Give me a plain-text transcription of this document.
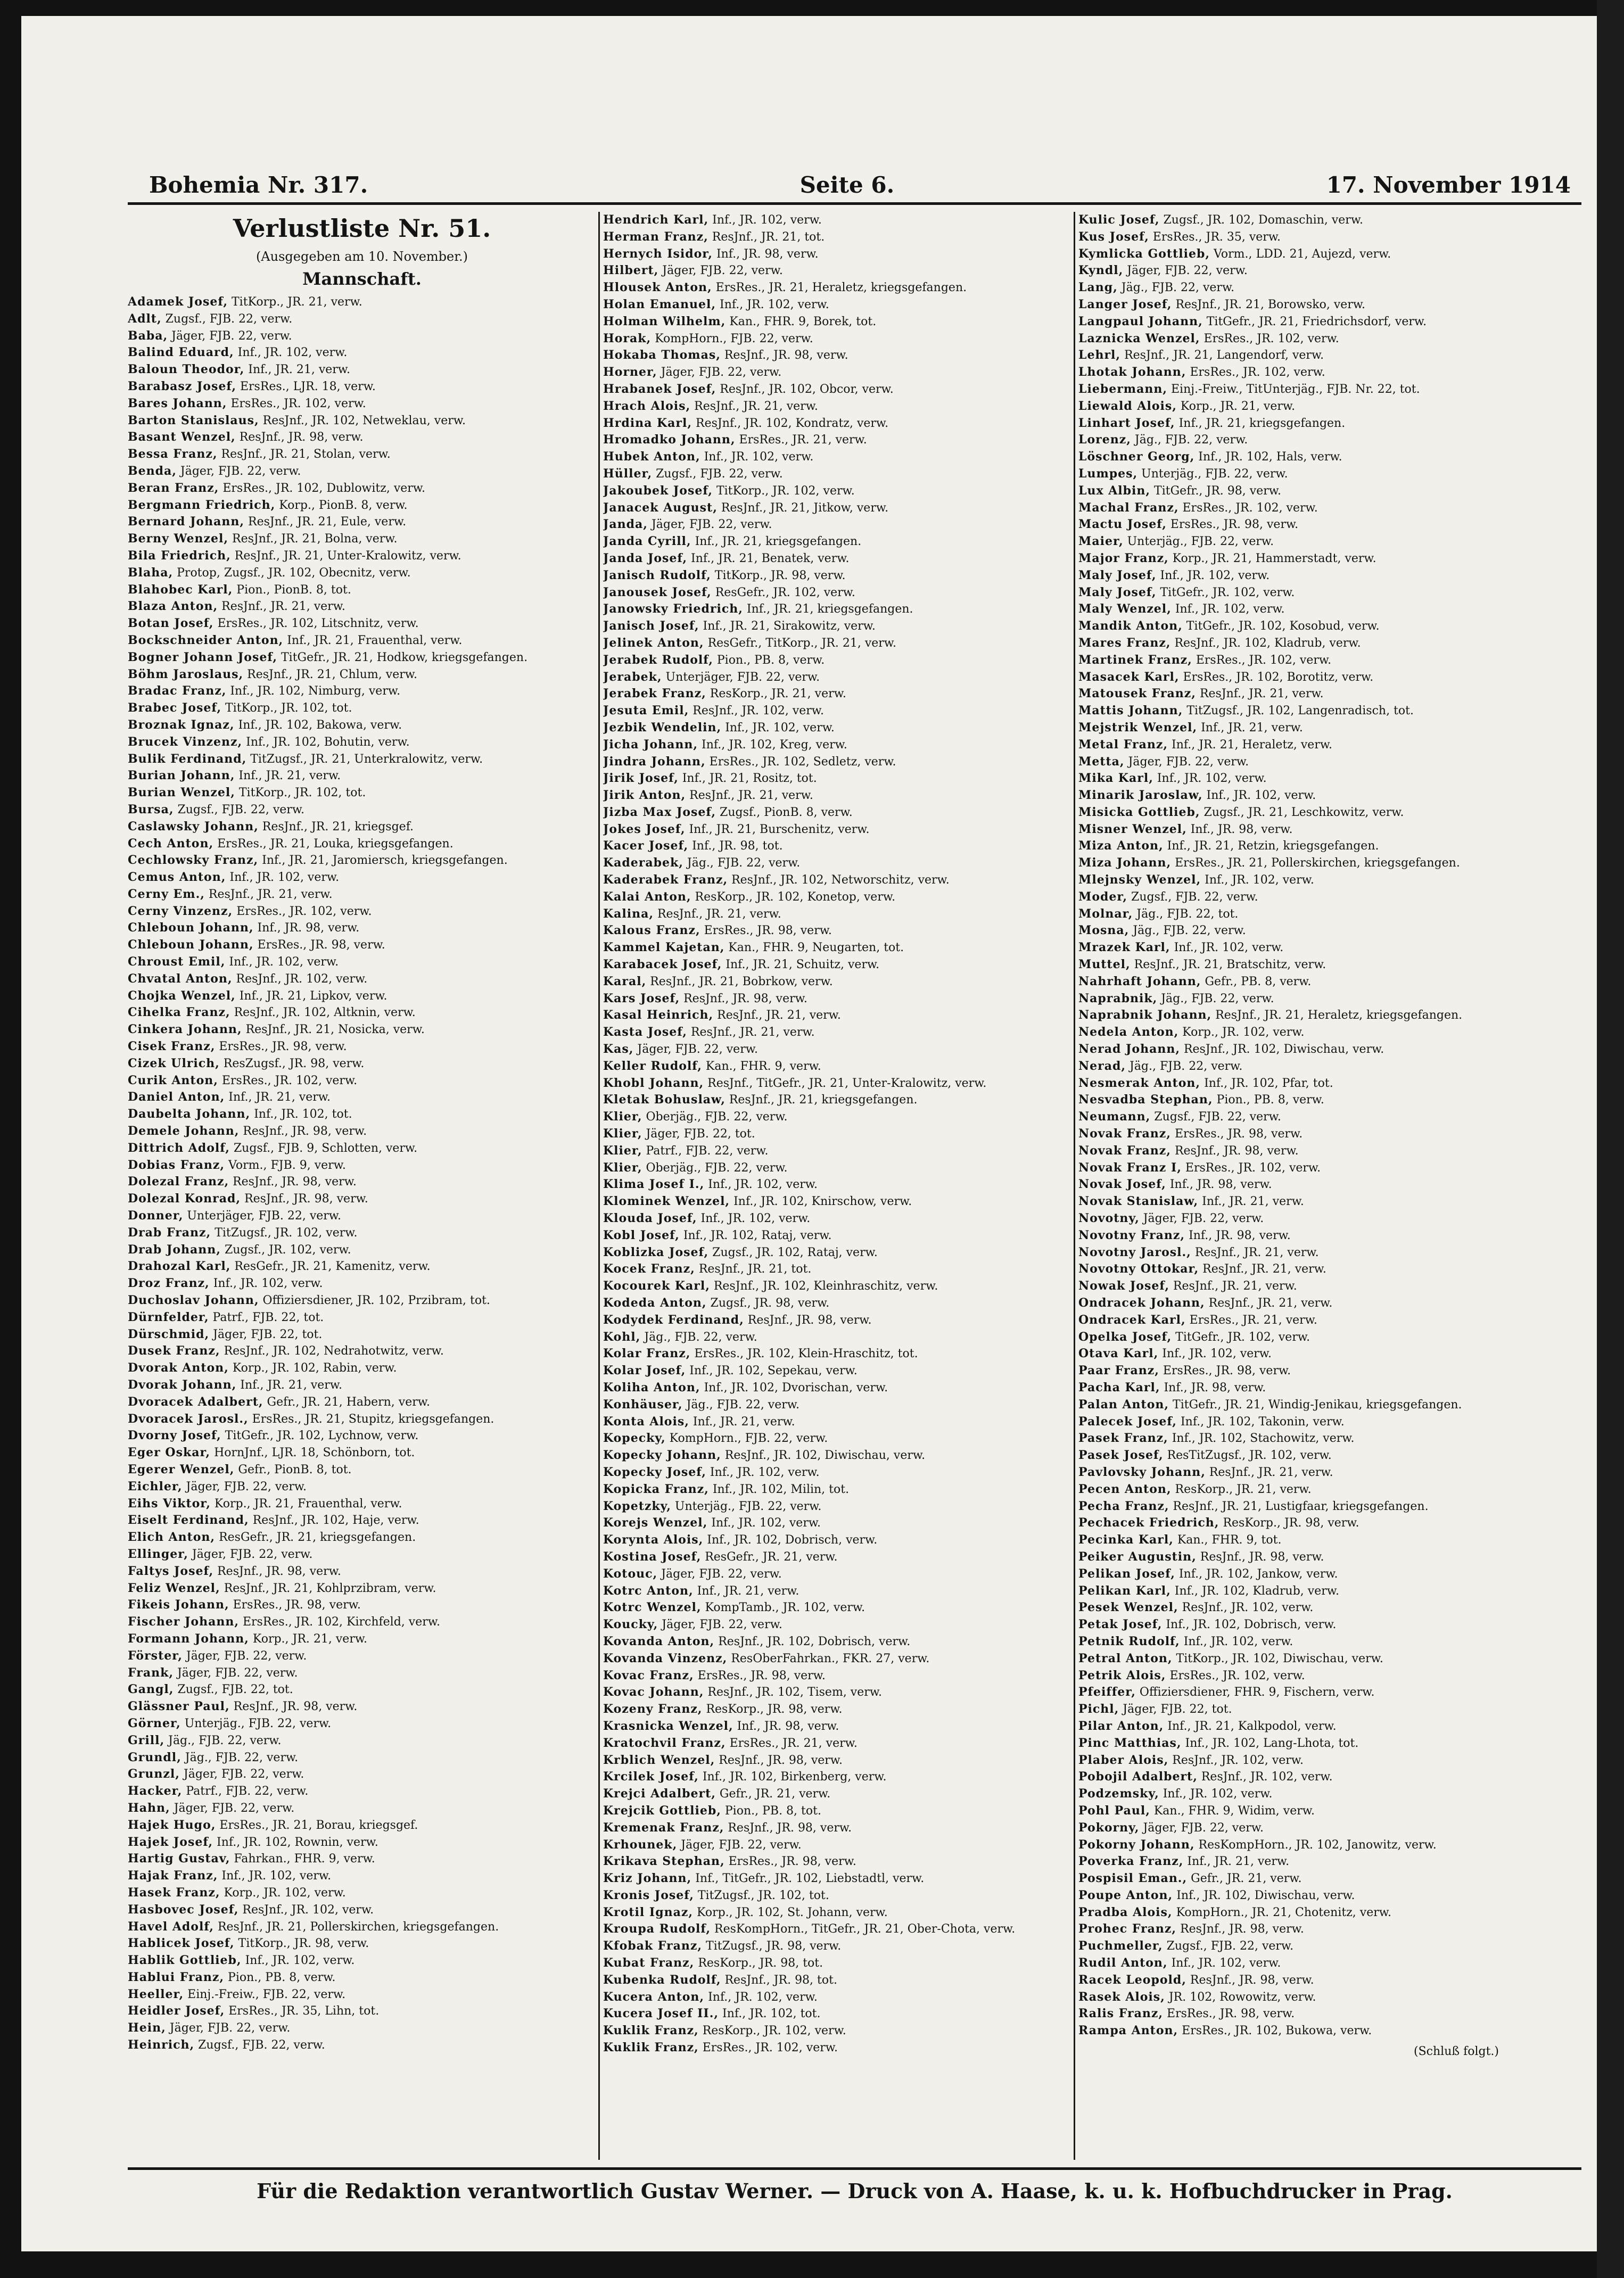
Bohemia Nr. 317.	Seite 6.	17. November 1914
Verlustliste Nr. 51.
(Ausgegeben am 10. November.)
Mannschaft.
Adamek Josef, TitKorp., JR. 21, verw.
Adlt, Zugsf., FJB. 22, verw.
Baba, Jäger, FJB. 22, verw.
Balind Eduard, Inf., JR. 102, verw.
Baloun Theodor, Inf., JR. 21, verw.
Barabasz Josef, ErsRes., LJR. 18, verw.
Bares Johann, ErsRes., JR. 102, verw.
Barton Stanislaus, ResJnf., JR. 102, Netweklau, verw.
Basant Wenzel, ResJnf., JR. 98, verw.
Bessa Franz, ResJnf., JR. 21, Stolan, verw.
Benda, Jäger, FJB. 22, verw.
Beran Franz, ErsRes., JR. 102, Dublowitz, verw.
Bergmann Friedrich, Korp., PionB. 8, verw.
Bernard Johann, ResJnf., JR. 21, Eule, verw.
Berny Wenzel, ResJnf., JR. 21, Bolna, verw.
Bila Friedrich, ResJnf., JR. 21, Unter-Kralowitz, verw.
Blaha, Protop, Zugsf., JR. 102, Obecnitz, verw.
Blahobec Karl, Pion., PionB. 8, tot.
Blaza Anton, ResJnf., JR. 21, verw.
Botan Josef, ErsRes., JR. 102, Litschnitz, verw.
Bockschneider Anton, Inf., JR. 21, Frauenthal, verw.
Bogner Johann Josef, TitGefr., JR. 21, Hodkow, kriegsgefangen.
Böhm Jaroslaus, ResJnf., JR. 21, Chlum, verw.
Bradac Franz, Inf., JR. 102, Nimburg, verw.
Brabec Josef, TitKorp., JR. 102, tot.
Broznak Ignaz, Inf., JR. 102, Bakowa, verw.
Brucek Vinzenz, Inf., JR. 102, Bohutin, verw.
Bulik Ferdinand, TitZugsf., JR. 21, Unterkralowitz, verw.
Burian Johann, Inf., JR. 21, verw.
Burian Wenzel, TitKorp., JR. 102, tot.
Bursa, Zugsf., FJB. 22, verw.
Caslawsky Johann, ResJnf., JR. 21, kriegsgef.
Cech Anton, ErsRes., JR. 21, Louka, kriegsgefangen.
Cechlowsky Franz, Inf., JR. 21, Jaromiersch, kriegsgefangen.
Cemus Anton, Inf., JR. 102, verw.
Cerny Em., ResJnf., JR. 21, verw.
Cerny Vinzenz, ErsRes., JR. 102, verw.
Chleboun Johann, Inf., JR. 98, verw.
Chleboun Johann, ErsRes., JR. 98, verw.
Chroust Emil, Inf., JR. 102, verw.
Chvatal Anton, ResJnf., JR. 102, verw.
Chojka Wenzel, Inf., JR. 21, Lipkov, verw.
Cihelka Franz, ResJnf., JR. 102, Altknin, verw.
Cinkera Johann, ResJnf., JR. 21, Nosicka, verw.
Cisek Franz, ErsRes., JR. 98, verw.
Cizek Ulrich, ResZugsf., JR. 98, verw.
Curik Anton, ErsRes., JR. 102, verw.
Daniel Anton, Inf., JR. 21, verw.
Daubelta Johann, Inf., JR. 102, tot.
Demele Johann, ResJnf., JR. 98, verw.
Dittrich Adolf, Zugsf., FJB. 9, Schlotten, verw.
Dobias Franz, Vorm., FJB. 9, verw.
Dolezal Franz, ResJnf., JR. 98, verw.
Dolezal Konrad, ResJnf., JR. 98, verw.
Donner, Unterjäger, FJB. 22, verw.
Drab Franz, TitZugsf., JR. 102, verw.
Drab Johann, Zugsf., JR. 102, verw.
Drahozal Karl, ResGefr., JR. 21, Kamenitz, verw.
Droz Franz, Inf., JR. 102, verw.
Duchoslav Johann, Offiziersdiener, JR. 102, Przibram, tot.
Dürnfelder, Patrf., FJB. 22, tot.
Dürschmid, Jäger, FJB. 22, tot.
Dusek Franz, ResJnf., JR. 102, Nedrahotwitz, verw.
Dvorak Anton, Korp., JR. 102, Rabin, verw.
Dvorak Johann, Inf., JR. 21, verw.
Dvoracek Adalbert, Gefr., JR. 21, Habern, verw.
Dvoracek Jarosl., ErsRes., JR. 21, Stupitz, kriegsgefangen.
Dvorny Josef, TitGefr., JR. 102, Lychnow, verw.
Eger Oskar, HornJnf., LJR. 18, Schönborn, tot.
Egerer Wenzel, Gefr., PionB. 8, tot.
Eichler, Jäger, FJB. 22, verw.
Eihs Viktor, Korp., JR. 21, Frauenthal, verw.
Eiselt Ferdinand, ResJnf., JR. 102, Haje, verw.
Elich Anton, ResGefr., JR. 21, kriegsgefangen.
Ellinger, Jäger, FJB. 22, verw.
Faltys Josef, ResJnf., JR. 98, verw.
Feliz Wenzel, ResJnf., JR. 21, Kohlprzibram, verw.
Fikeis Johann, ErsRes., JR. 98, verw.
Fischer Johann, ErsRes., JR. 102, Kirchfeld, verw.
Formann Johann, Korp., JR. 21, verw.
Förster, Jäger, FJB. 22, verw.
Frank, Jäger, FJB. 22, verw.
Gangl, Zugsf., FJB. 22, tot.
Glässner Paul, ResJnf., JR. 98, verw.
Görner, Unterjäg., FJB. 22, verw.
Grill, Jäg., FJB. 22, verw.
Grundl, Jäg., FJB. 22, verw.
Grunzl, Jäger, FJB. 22, verw.
Hacker, Patrf., FJB. 22, verw.
Hahn, Jäger, FJB. 22, verw.
Hajek Hugo, ErsRes., JR. 21, Borau, kriegsgef.
Hajek Josef, Inf., JR. 102, Rownin, verw.
Hartig Gustav, Fahrkan., FHR. 9, verw.
Hajak Franz, Inf., JR. 102, verw.
Hasek Franz, Korp., JR. 102, verw.
Hasbovec Josef, ResJnf., JR. 102, verw.
Havel Adolf, ResJnf., JR. 21, Pollerskirchen, kriegsgefangen.
Hablicek Josef, TitKorp., JR. 98, verw.
Hablik Gottlieb, Inf., JR. 102, verw.
Hablui Franz, Pion., PB. 8, verw.
Heeller, Einj.-Freiw., FJB. 22, verw.
Heidler Josef, ErsRes., JR. 35, Lihn, tot.
Hein, Jäger, FJB. 22, verw.
Heinrich, Zugsf., FJB. 22, verw.
Hendrich Karl, Inf., JR. 102, verw.
Herman Franz, ResJnf., JR. 21, tot.
Hernych Isidor, Inf., JR. 98, verw.
Hilbert, Jäger, FJB. 22, verw.
Hlousek Anton, ErsRes., JR. 21, Heraletz, kriegsgefangen.
Holan Emanuel, Inf., JR. 102, verw.
Holman Wilhelm, Kan., FHR. 9, Borek, tot.
Horak, KompHorn., FJB. 22, verw.
Hokaba Thomas, ResJnf., JR. 98, verw.
Horner, Jäger, FJB. 22, verw.
Hrabanek Josef, ResJnf., JR. 102, Obcor, verw.
Hrach Alois, ResJnf., JR. 21, verw.
Hrdina Karl, ResJnf., JR. 102, Kondratz, verw.
Hromadko Johann, ErsRes., JR. 21, verw.
Hubek Anton, Inf., JR. 102, verw.
Hüller, Zugsf., FJB. 22, verw.
Jakoubek Josef, TitKorp., JR. 102, verw.
Janacek August, ResJnf., JR. 21, Jitkow, verw.
Janda, Jäger, FJB. 22, verw.
Janda Cyrill, Inf., JR. 21, kriegsgefangen.
Janda Josef, Inf., JR. 21, Benatek, verw.
Janisch Rudolf, TitKorp., JR. 98, verw.
Janousek Josef, ResGefr., JR. 102, verw.
Janowsky Friedrich, Inf., JR. 21, kriegsgefangen.
Janisch Josef, Inf., JR. 21, Sirakowitz, verw.
Jelinek Anton, ResGefr., TitKorp., JR. 21, verw.
Jerabek Rudolf, Pion., PB. 8, verw.
Jerabek, Unterjäger, FJB. 22, verw.
Jerabek Franz, ResKorp., JR. 21, verw.
Jesuta Emil, ResJnf., JR. 102, verw.
Jezbik Wendelin, Inf., JR. 102, verw.
Jicha Johann, Inf., JR. 102, Kreg, verw.
Jindra Johann, ErsRes., JR. 102, Sedletz, verw.
Jirik Josef, Inf., JR. 21, Rositz, tot.
Jirik Anton, ResJnf., JR. 21, verw.
Jizba Max Josef, Zugsf., PionB. 8, verw.
Jokes Josef, Inf., JR. 21, Burschenitz, verw.
Kacer Josef, Inf., JR. 98, tot.
Kaderabek, Jäg., FJB. 22, verw.
Kaderabek Franz, ResJnf., JR. 102, Networschitz, verw.
Kalai Anton, ResKorp., JR. 102, Konetop, verw.
Kalina, ResJnf., JR. 21, verw.
Kalous Franz, ErsRes., JR. 98, verw.
Kammel Kajetan, Kan., FHR. 9, Neugarten, tot.
Karabacek Josef, Inf., JR. 21, Schuitz, verw.
Karal, ResJnf., JR. 21, Bobrkow, verw.
Kars Josef, ResJnf., JR. 98, verw.
Kasal Heinrich, ResJnf., JR. 21, verw.
Kasta Josef, ResJnf., JR. 21, verw.
Kas, Jäger, FJB. 22, verw.
Keller Rudolf, Kan., FHR. 9, verw.
Khobl Johann, ResJnf., TitGefr., JR. 21, Unter-Kralowitz, verw.
Kletak Bohuslaw, ResJnf., JR. 21, kriegsgefangen.
Klier, Oberjäg., FJB. 22, verw.
Klier, Jäger, FJB. 22, tot.
Klier, Patrf., FJB. 22, verw.
Klier, Oberjäg., FJB. 22, verw.
Klima Josef I., Inf., JR. 102, verw.
Klominek Wenzel, Inf., JR. 102, Knirschow, verw.
Klouda Josef, Inf., JR. 102, verw.
Kobl Josef, Inf., JR. 102, Rataj, verw.
Koblizka Josef, Zugsf., JR. 102, Rataj, verw.
Kocek Franz, ResJnf., JR. 21, tot.
Kocourek Karl, ResJnf., JR. 102, Kleinhraschitz, verw.
Kodeda Anton, Zugsf., JR. 98, verw.
Kodydek Ferdinand, ResJnf., JR. 98, verw.
Kohl, Jäg., FJB. 22, verw.
Kolar Franz, ErsRes., JR. 102, Klein-Hraschitz, tot.
Kolar Josef, Inf., JR. 102, Sepekau, verw.
Koliha Anton, Inf., JR. 102, Dvorischan, verw.
Konhäuser, Jäg., FJB. 22, verw.
Konta Alois, Inf., JR. 21, verw.
Kopecky, KompHorn., FJB. 22, verw.
Kopecky Johann, ResJnf., JR. 102, Diwischau, verw.
Kopecky Josef, Inf., JR. 102, verw.
Kopicka Franz, Inf., JR. 102, Milin, tot.
Kopetzky, Unterjäg., FJB. 22, verw.
Korejs Wenzel, Inf., JR. 102, verw.
Korynta Alois, Inf., JR. 102, Dobrisch, verw.
Kostina Josef, ResGefr., JR. 21, verw.
Kotouc, Jäger, FJB. 22, verw.
Kotrc Anton, Inf., JR. 21, verw.
Kotrc Wenzel, KompTamb., JR. 102, verw.
Koucky, Jäger, FJB. 22, verw.
Kovanda Anton, ResJnf., JR. 102, Dobrisch, verw.
Kovanda Vinzenz, ResOberFahrkan., FKR. 27, verw.
Kovac Franz, ErsRes., JR. 98, verw.
Kovac Johann, ResJnf., JR. 102, Tisem, verw.
Kozeny Franz, ResKorp., JR. 98, verw.
Krasnicka Wenzel, Inf., JR. 98, verw.
Kratochvil Franz, ErsRes., JR. 21, verw.
Krblich Wenzel, ResJnf., JR. 98, verw.
Krcilek Josef, Inf., JR. 102, Birkenberg, verw.
Krejci Adalbert, Gefr., JR. 21, verw.
Krejcik Gottlieb, Pion., PB. 8, tot.
Kremenak Franz, ResJnf., JR. 98, verw.
Krhounek, Jäger, FJB. 22, verw.
Krikava Stephan, ErsRes., JR. 98, verw.
Kriz Johann, Inf., TitGefr., JR. 102, Liebstadtl, verw.
Kronis Josef, TitZugsf., JR. 102, tot.
Krotil Ignaz, Korp., JR. 102, St. Johann, verw.
Kroupa Rudolf, ResKompHorn., TitGefr., JR. 21, Ober-Chota, verw.
Kfobak Franz, TitZugsf., JR. 98, verw.
Kubat Franz, ResKorp., JR. 98, tot.
Kubenka Rudolf, ResJnf., JR. 98, tot.
Kucera Anton, Inf., JR. 102, verw.
Kucera Josef II., Inf., JR. 102, tot.
Kuklik Franz, ResKorp., JR. 102, verw.
Kuklik Franz, ErsRes., JR. 102, verw.
Kulic Josef, Zugsf., JR. 102, Domaschin, verw.
Kus Josef, ErsRes., JR. 35, verw.
Kymlicka Gottlieb, Vorm., LDD. 21, Aujezd, verw.
Kyndl, Jäger, FJB. 22, verw.
Lang, Jäg., FJB. 22, verw.
Langer Josef, ResJnf., JR. 21, Borowsko, verw.
Langpaul Johann, TitGefr., JR. 21, Friedrichsdorf, verw.
Laznicka Wenzel, ErsRes., JR. 102, verw.
Lehrl, ResJnf., JR. 21, Langendorf, verw.
Lhotak Johann, ErsRes., JR. 102, verw.
Liebermann, Einj.-Freiw., TitUnterjäg., FJB. Nr. 22, tot.
Liewald Alois, Korp., JR. 21, verw.
Linhart Josef, Inf., JR. 21, kriegsgefangen.
Lorenz, Jäg., FJB. 22, verw.
Löschner Georg, Inf., JR. 102, Hals, verw.
Lumpes, Unterjäg., FJB. 22, verw.
Lux Albin, TitGefr., JR. 98, verw.
Machal Franz, ErsRes., JR. 102, verw.
Mactu Josef, ErsRes., JR. 98, verw.
Maier, Unterjäg., FJB. 22, verw.
Major Franz, Korp., JR. 21, Hammerstadt, verw.
Maly Josef, Inf., JR. 102, verw.
Maly Josef, TitGefr., JR. 102, verw.
Maly Wenzel, Inf., JR. 102, verw.
Mandik Anton, TitGefr., JR. 102, Kosobud, verw.
Mares Franz, ResJnf., JR. 102, Kladrub, verw.
Martinek Franz, ErsRes., JR. 102, verw.
Masacek Karl, ErsRes., JR. 102, Borotitz, verw.
Matousek Franz, ResJnf., JR. 21, verw.
Mattis Johann, TitZugsf., JR. 102, Langenradisch, tot.
Mejstrik Wenzel, Inf., JR. 21, verw.
Metal Franz, Inf., JR. 21, Heraletz, verw.
Metta, Jäger, FJB. 22, verw.
Mika Karl, Inf., JR. 102, verw.
Minarik Jaroslaw, Inf., JR. 102, verw.
Misicka Gottlieb, Zugsf., JR. 21, Leschkowitz, verw.
Misner Wenzel, Inf., JR. 98, verw.
Miza Anton, Inf., JR. 21, Retzin, kriegsgefangen.
Miza Johann, ErsRes., JR. 21, Pollerskirchen, kriegsgefangen.
Mlejnsky Wenzel, Inf., JR. 102, verw.
Moder, Zugsf., FJB. 22, verw.
Molnar, Jäg., FJB. 22, tot.
Mosna, Jäg., FJB. 22, verw.
Mrazek Karl, Inf., JR. 102, verw.
Muttel, ResJnf., JR. 21, Bratschitz, verw.
Nahrhaft Johann, Gefr., PB. 8, verw.
Naprabnik, Jäg., FJB. 22, verw.
Naprabnik Johann, ResJnf., JR. 21, Heraletz, kriegsgefangen.
Nedela Anton, Korp., JR. 102, verw.
Nerad Johann, ResJnf., JR. 102, Diwischau, verw.
Nerad, Jäg., FJB. 22, verw.
Nesmerak Anton, Inf., JR. 102, Pfar, tot.
Nesvadba Stephan, Pion., PB. 8, verw.
Neumann, Zugsf., FJB. 22, verw.
Novak Franz, ErsRes., JR. 98, verw.
Novak Franz, ResJnf., JR. 98, verw.
Novak Franz I, ErsRes., JR. 102, verw.
Novak Josef, Inf., JR. 98, verw.
Novak Stanislaw, Inf., JR. 21, verw.
Novotny, Jäger, FJB. 22, verw.
Novotny Franz, Inf., JR. 98, verw.
Novotny Jarosl., ResJnf., JR. 21, verw.
Novotny Ottokar, ResJnf., JR. 21, verw.
Nowak Josef, ResJnf., JR. 21, verw.
Ondracek Johann, ResJnf., JR. 21, verw.
Ondracek Karl, ErsRes., JR. 21, verw.
Opelka Josef, TitGefr., JR. 102, verw.
Otava Karl, Inf., JR. 102, verw.
Paar Franz, ErsRes., JR. 98, verw.
Pacha Karl, Inf., JR. 98, verw.
Palan Anton, TitGefr., JR. 21, Windig-Jenikau, kriegsgefangen.
Palecek Josef, Inf., JR. 102, Takonin, verw.
Pasek Franz, Inf., JR. 102, Stachowitz, verw.
Pasek Josef, ResTitZugsf., JR. 102, verw.
Pavlovsky Johann, ResJnf., JR. 21, verw.
Pecen Anton, ResKorp., JR. 21, verw.
Pecha Franz, ResJnf., JR. 21, Lustigfaar, kriegsgefangen.
Pechacek Friedrich, ResKorp., JR. 98, verw.
Pecinka Karl, Kan., FHR. 9, tot.
Peiker Augustin, ResJnf., JR. 98, verw.
Pelikan Josef, Inf., JR. 102, Jankow, verw.
Pelikan Karl, Inf., JR. 102, Kladrub, verw.
Pesek Wenzel, ResJnf., JR. 102, verw.
Petak Josef, Inf., JR. 102, Dobrisch, verw.
Petnik Rudolf, Inf., JR. 102, verw.
Petral Anton, TitKorp., JR. 102, Diwischau, verw.
Petrik Alois, ErsRes., JR. 102, verw.
Pfeiffer, Offiziersdiener, FHR. 9, Fischern, verw.
Pichl, Jäger, FJB. 22, tot.
Pilar Anton, Inf., JR. 21, Kalkpodol, verw.
Pinc Matthias, Inf., JR. 102, Lang-Lhota, tot.
Plaber Alois, ResJnf., JR. 102, verw.
Pobojil Adalbert, ResJnf., JR. 102, verw.
Podzemsky, Inf., JR. 102, verw.
Pohl Paul, Kan., FHR. 9, Widim, verw.
Pokorny, Jäger, FJB. 22, verw.
Pokorny Johann, ResKompHorn., JR. 102, Janowitz, verw.
Poverka Franz, Inf., JR. 21, verw.
Pospisil Eman., Gefr., JR. 21, verw.
Poupe Anton, Inf., JR. 102, Diwischau, verw.
Pradba Alois, KompHorn., JR. 21, Chotenitz, verw.
Prohec Franz, ResJnf., JR. 98, verw.
Puchmeller, Zugsf., FJB. 22, verw.
Rudil Anton, Inf., JR. 102, verw.
Racek Leopold, ResJnf., JR. 98, verw.
Rasek Alois, JR. 102, Rowowitz, verw.
Ralis Franz, ErsRes., JR. 98, verw.
Rampa Anton, ErsRes., JR. 102, Bukowa, verw.
(Schluß folgt.)
Für die Redaktion verantwortlich Gustav Werner. — Druck von A. Haase, k. u. k. Hofbuchdrucker in Prag.
